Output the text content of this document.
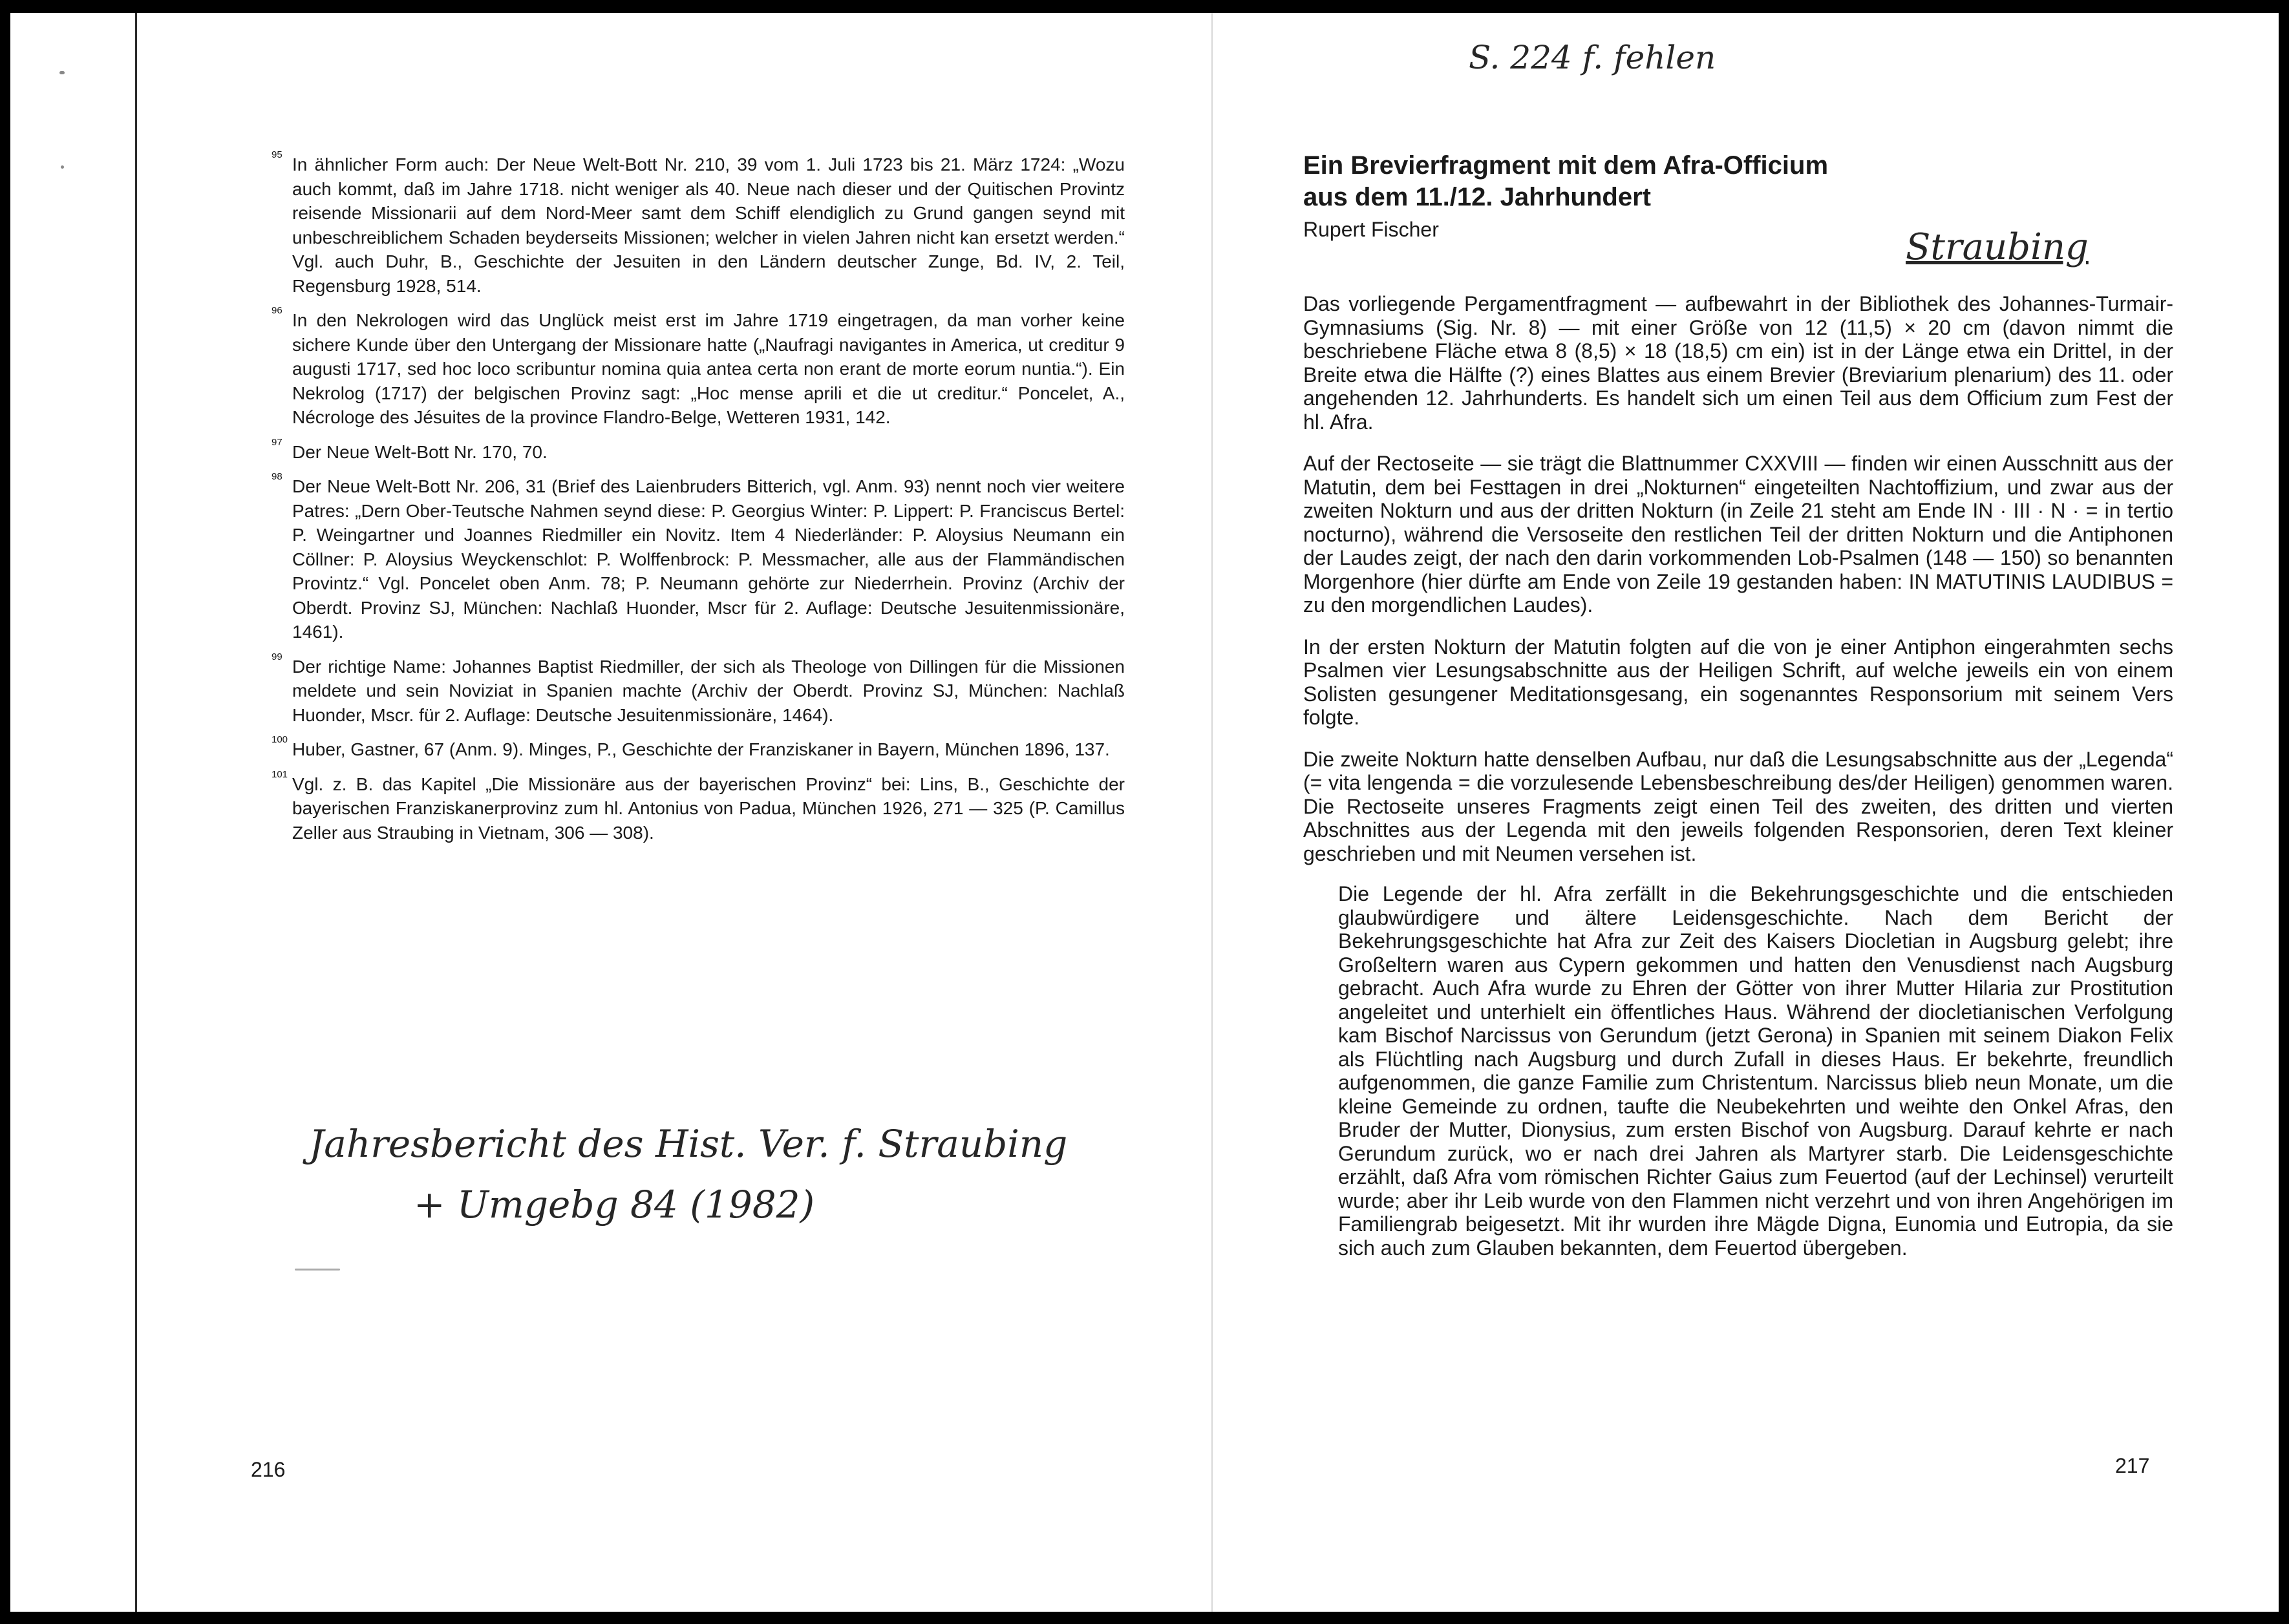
95 In ähnlicher Form auch: Der Neue Welt-Bott Nr. 210, 39 vom 1. Juli 1723 bis 21. März 1724: „Wozu auch kommt, daß im Jahre 1718. nicht weniger als 40. Neue nach dieser und der Quitischen Provintz reisende Missionarii auf dem Nord-Meer samt dem Schiff elendiglich zu Grund gangen seynd mit unbeschreiblichem Schaden beyderseits Missionen; welcher in vielen Jahren nicht kan ersetzt werden.“ Vgl. auch Duhr, B., Geschichte der Jesuiten in den Ländern deutscher Zunge, Bd. IV, 2. Teil, Regensburg 1928, 514.
96 In den Nekrologen wird das Unglück meist erst im Jahre 1719 eingetragen, da man vorher keine sichere Kunde über den Untergang der Missionare hatte („Naufragi navigantes in America, ut creditur 9 augusti 1717, sed hoc loco scribuntur nomina quia antea certa non erant de morte eorum nuntia.“). Ein Nekrolog (1717) der belgischen Provinz sagt: „Hoc mense aprili et die ut creditur.“ Poncelet, A., Nécrologe des Jésuites de la province Flandro-Belge, Wetteren 1931, 142.
97 Der Neue Welt-Bott Nr. 170, 70.
98 Der Neue Welt-Bott Nr. 206, 31 (Brief des Laienbruders Bitterich, vgl. Anm. 93) nennt noch vier weitere Patres: „Dern Ober-Teutsche Nahmen seynd diese: P. Georgius Winter: P. Lippert: P. Franciscus Bertel: P. Weingartner und Joannes Riedmiller ein Novitz. Item 4 Niederländer: P. Aloysius Neumann ein Cöllner: P. Aloysius Weyckenschlot: P. Wolffenbrock: P. Messmacher, alle aus der Flammändischen Provintz.“ Vgl. Poncelet oben Anm. 78; P. Neumann gehörte zur Niederrhein. Provinz (Archiv der Oberdt. Provinz SJ, München: Nachlaß Huonder, Mscr für 2. Auflage: Deutsche Jesuitenmissionäre, 1461).
99 Der richtige Name: Johannes Baptist Riedmiller, der sich als Theologe von Dillingen für die Missionen meldete und sein Noviziat in Spanien machte (Archiv der Oberdt. Provinz SJ, München: Nachlaß Huonder, Mscr. für 2. Auflage: Deutsche Jesuitenmissionäre, 1464).
100 Huber, Gastner, 67 (Anm. 9). Minges, P., Geschichte der Franziskaner in Bayern, München 1896, 137.
101 Vgl. z. B. das Kapitel „Die Missionäre aus der bayerischen Provinz“ bei: Lins, B., Geschichte der bayerischen Franziskanerprovinz zum hl. Antonius von Padua, München 1926, 271 — 325 (P. Camillus Zeller aus Straubing in Vietnam, 306 — 308).
Jahresbericht des Hist. Ver. f. Straubing
+ Umgebg 84 (1982)
216
S. 224 f. fehlen
Straubing
Ein Brevierfragment mit dem Afra-Officium
aus dem 11./12. Jahrhundert
Rupert Fischer

Das vorliegende Pergamentfragment — aufbewahrt in der Bibliothek des Johannes-Turmair-Gymnasiums (Sig. Nr. 8) — mit einer Größe von 12 (11,5) × 20 cm (davon nimmt die beschriebene Fläche etwa 8 (8,5) × 18 (18,5) cm ein) ist in der Länge etwa ein Drittel, in der Breite etwa die Hälfte (?) eines Blattes aus einem Brevier (Breviarium plenarium) des 11. oder angehenden 12. Jahrhunderts. Es handelt sich um einen Teil aus dem Officium zum Fest der hl. Afra.

Auf der Rectoseite — sie trägt die Blattnummer CXXVIII — finden wir einen Ausschnitt aus der Matutin, dem bei Festtagen in drei „Nokturnen“ eingeteilten Nachtoffizium, und zwar aus der zweiten Nokturn und aus der dritten Nokturn (in Zeile 21 steht am Ende IN · III · N · = in tertio nocturno), während die Versoseite den restlichen Teil der dritten Nokturn und die Antiphonen der Laudes zeigt, der nach den darin vorkommenden Lob-Psalmen (148 — 150) so benannten Morgenhore (hier dürfte am Ende von Zeile 19 gestanden haben: IN MATUTINIS LAUDIBUS = zu den morgendlichen Laudes).

In der ersten Nokturn der Matutin folgten auf die von je einer Antiphon eingerahmten sechs Psalmen vier Lesungsabschnitte aus der Heiligen Schrift, auf welche jeweils ein von einem Solisten gesungener Meditationsgesang, ein sogenanntes Responsorium mit seinem Vers folgte.

Die zweite Nokturn hatte denselben Aufbau, nur daß die Lesungsabschnitte aus der „Legenda“ (= vita lengenda = die vorzulesende Lebensbeschreibung des/der Heiligen) genommen waren. Die Rectoseite unseres Fragments zeigt einen Teil des zweiten, des dritten und vierten Abschnittes aus der Legenda mit den jeweils folgenden Responsorien, deren Text kleiner geschrieben und mit Neumen versehen ist.

Die Legende der hl. Afra zerfällt in die Bekehrungsgeschichte und die entschieden glaubwürdigere und ältere Leidensgeschichte. Nach dem Bericht der Bekehrungsgeschichte hat Afra zur Zeit des Kaisers Diocletian in Augsburg gelebt; ihre Großeltern waren aus Cypern gekommen und hatten den Venusdienst nach Augsburg gebracht. Auch Afra wurde zu Ehren der Götter von ihrer Mutter Hilaria zur Prostitution angeleitet und unterhielt ein öffentliches Haus. Während der diocletianischen Verfolgung kam Bischof Narcissus von Gerundum (jetzt Gerona) in Spanien mit seinem Diakon Felix als Flüchtling nach Augsburg und durch Zufall in dieses Haus. Er bekehrte, freundlich aufgenommen, die ganze Familie zum Christentum. Narcissus blieb neun Monate, um die kleine Gemeinde zu ordnen, taufte die Neubekehrten und weihte den Onkel Afras, den Bruder der Mutter, Dionysius, zum ersten Bischof von Augsburg. Darauf kehrte er nach Gerundum zurück, wo er nach drei Jahren als Martyrer starb. Die Leidensgeschichte erzählt, daß Afra vom römischen Richter Gaius zum Feuertod (auf der Lechinsel) verurteilt wurde; aber ihr Leib wurde von den Flammen nicht verzehrt und von ihren Angehörigen im Familiengrab beigesetzt. Mit ihr wurden ihre Mägde Digna, Eunomia und Eutropia, da sie sich auch zum Glauben bekannten, dem Feuertod übergeben.

217
